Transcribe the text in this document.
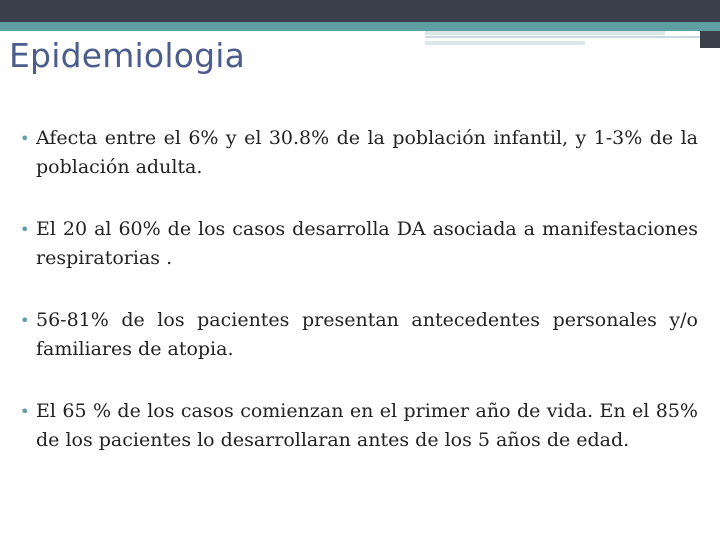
Epidemiologia
• Afecta entre el 6% y el 30.8% de la población infantil, y 1-3% de la población adulta.
• El 20 al 60% de los casos desarrolla DA asociada a manifestaciones respiratorias .
• 56-81% de los pacientes presentan antecedentes personales y/o familiares de atopia.
• El 65 % de los casos comienzan en el primer año de vida. En el 85% de los pacientes lo desarrollaran antes de los 5 años de edad.
